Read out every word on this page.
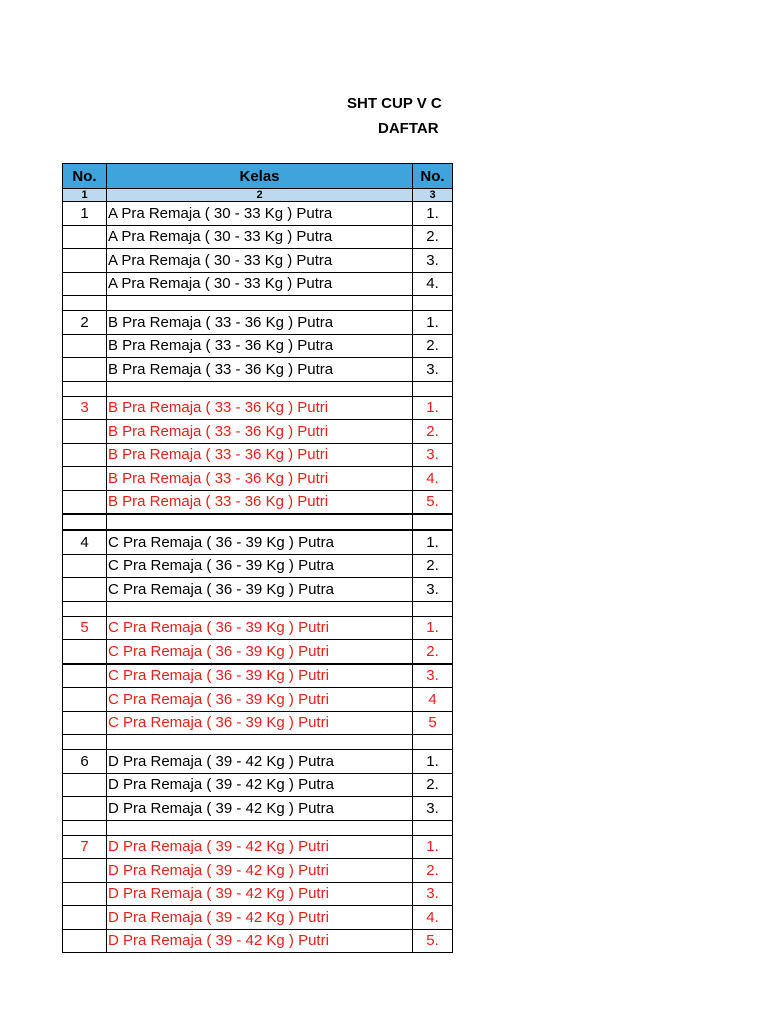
SHT CUP V C
DAFTAR
No.	Kelas	No.
1	2	3
1	A Pra Remaja ( 30 - 33 Kg ) Putra	1.
	A Pra Remaja ( 30 - 33 Kg ) Putra	2.
	A Pra Remaja ( 30 - 33 Kg ) Putra	3.
	A Pra Remaja ( 30 - 33 Kg ) Putra	4.

2	B Pra Remaja ( 33 - 36 Kg ) Putra	1.
	B Pra Remaja ( 33 - 36 Kg ) Putra	2.
	B Pra Remaja ( 33 - 36 Kg ) Putra	3.

3	B Pra Remaja ( 33 - 36 Kg ) Putri	1.
	B Pra Remaja ( 33 - 36 Kg ) Putri	2.
	B Pra Remaja ( 33 - 36 Kg ) Putri	3.
	B Pra Remaja ( 33 - 36 Kg ) Putri	4.
	B Pra Remaja ( 33 - 36 Kg ) Putri	5.

4	C Pra Remaja ( 36 - 39 Kg ) Putra	1.
	C Pra Remaja ( 36 - 39 Kg ) Putra	2.
	C Pra Remaja ( 36 - 39 Kg ) Putra	3.

5	C Pra Remaja ( 36 - 39 Kg ) Putri	1.
	C Pra Remaja ( 36 - 39 Kg ) Putri	2.
	C Pra Remaja ( 36 - 39 Kg ) Putri	3.
	C Pra Remaja ( 36 - 39 Kg ) Putri	4
	C Pra Remaja ( 36 - 39 Kg ) Putri	5

6	D Pra Remaja ( 39 - 42 Kg ) Putra	1.
	D Pra Remaja ( 39 - 42 Kg ) Putra	2.
	D Pra Remaja ( 39 - 42 Kg ) Putra	3.

7	D Pra Remaja ( 39 - 42 Kg ) Putri	1.
	D Pra Remaja ( 39 - 42 Kg ) Putri	2.
	D Pra Remaja ( 39 - 42 Kg ) Putri	3.
	D Pra Remaja ( 39 - 42 Kg ) Putri	4.
	D Pra Remaja ( 39 - 42 Kg ) Putri	5.
